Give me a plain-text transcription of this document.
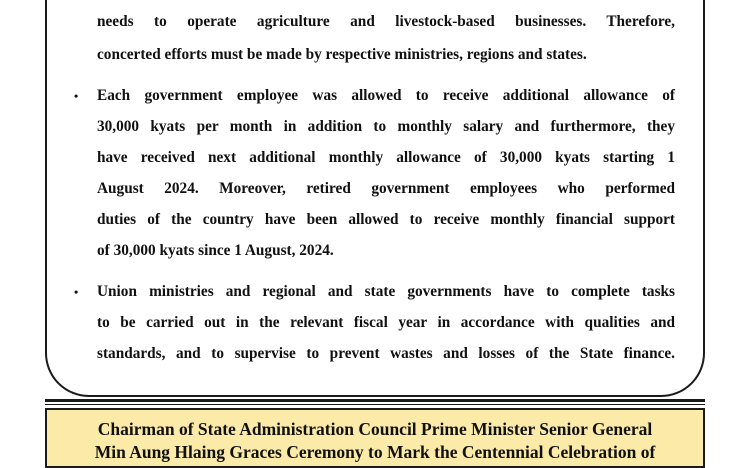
needs to operate agriculture and livestock-based businesses. Therefore,
concerted efforts must be made by respective ministries, regions and states.
• Each government employee was allowed to receive additional allowance of
30,000 kyats per month in addition to monthly salary and furthermore, they
have received next additional monthly allowance of 30,000 kyats starting 1
August 2024. Moreover, retired government employees who performed
duties of the country have been allowed to receive monthly financial support
of 30,000 kyats since 1 August, 2024.
• Union ministries and regional and state governments have to complete tasks
to be carried out in the relevant fiscal year in accordance with qualities and
standards, and to supervise to prevent wastes and losses of the State finance.
Chairman of State Administration Council Prime Minister Senior General
Min Aung Hlaing Graces Ceremony to Mark the Centennial Celebration of
